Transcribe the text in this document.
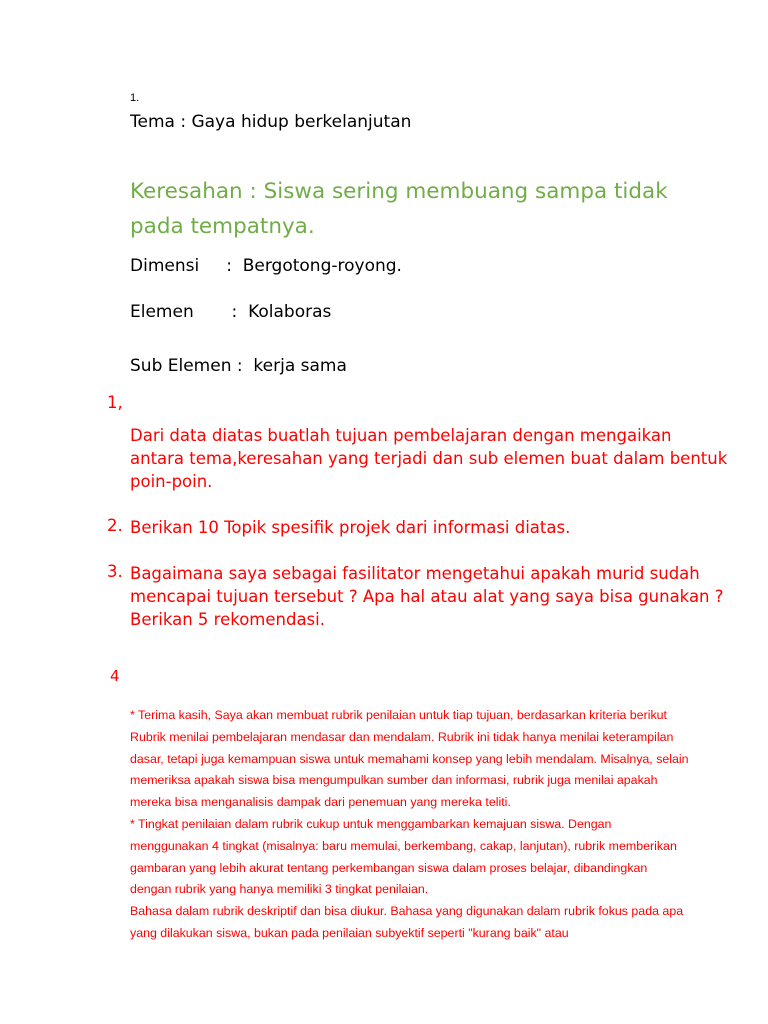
1.
Tema : Gaya hidup berkelanjutan
Keresahan : Siswa sering membuang sampa tidak pada tempatnya.
Dimensi     :  Bergotong-royong.
Elemen       :  Kolaboras
Sub Elemen :  kerja sama
1,
Dari data diatas buatlah tujuan pembelajaran dengan mengaikan antara tema,keresahan yang terjadi dan sub elemen buat dalam bentuk poin-poin.
2. Berikan 10 Topik spesifik projek dari informasi diatas.
3. Bagaimana saya sebagai fasilitator mengetahui apakah murid sudah mencapai tujuan tersebut ? Apa hal atau alat yang saya bisa gunakan ? Berikan 5 rekomendasi.
4

* Terima kasih, Saya akan membuat rubrik penilaian untuk tiap tujuan, berdasarkan kriteria berikut Rubrik menilai pembelajaran mendasar dan mendalam. Rubrik ini tidak hanya menilai keterampilan dasar, tetapi juga kemampuan siswa untuk memahami konsep yang lebih mendalam. Misalnya, selain memeriksa apakah siswa bisa mengumpulkan sumber dan informasi, rubrik juga menilai apakah mereka bisa menganalisis dampak dari penemuan yang mereka teliti.

* Tingkat penilaian dalam rubrik cukup untuk menggambarkan kemajuan siswa. Dengan menggunakan 4 tingkat (misalnya: baru memulai, berkembang, cakap, lanjutan), rubrik memberikan gambaran yang lebih akurat tentang perkembangan siswa dalam proses belajar, dibandingkan dengan rubrik yang hanya memiliki 3 tingkat penilaian.

Bahasa dalam rubrik deskriptif dan bisa diukur. Bahasa yang digunakan dalam rubrik fokus pada apa yang dilakukan siswa, bukan pada penilaian subyektif seperti "kurang baik" atau
